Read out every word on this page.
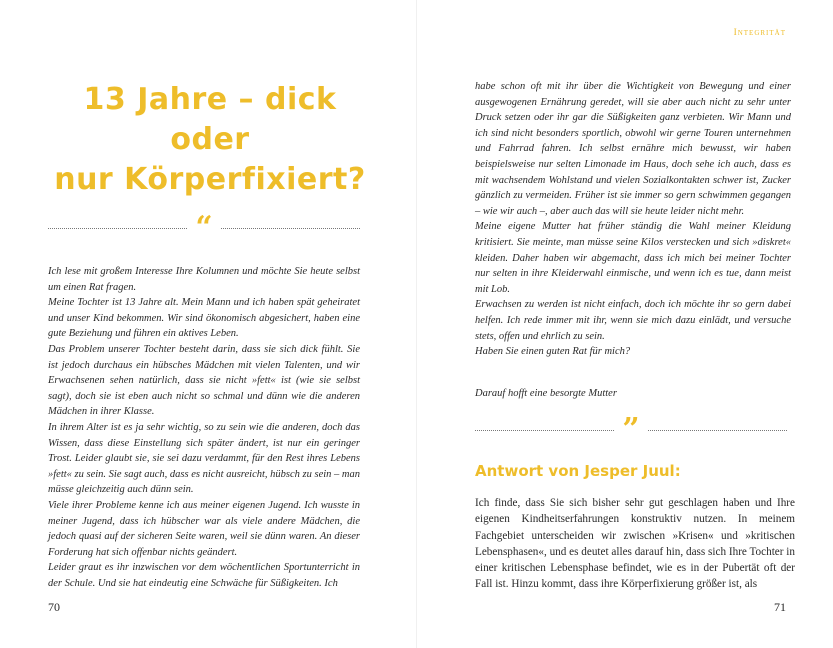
13 Jahre – dick oder
nur Körperfixiert?
“

Ich lese mit großem Interesse Ihre Kolumnen und möchte Sie heute selbst um einen Rat fragen.

Meine Tochter ist 13 Jahre alt. Mein Mann und ich haben spät geheiratet und unser Kind bekommen. Wir sind ökonomisch abgesichert, haben eine gute Beziehung und führen ein aktives Leben.

Das Problem unserer Tochter besteht darin, dass sie sich dick fühlt. Sie ist jedoch durchaus ein hübsches Mädchen mit vielen Talenten, und wir Erwachsenen sehen natürlich, dass sie nicht »fett« ist (wie sie selbst sagt), doch sie ist eben auch nicht so schmal und dünn wie die anderen Mädchen in ihrer Klasse.

In ihrem Alter ist es ja sehr wichtig, so zu sein wie die anderen, doch das Wissen, dass diese Einstellung sich später ändert, ist nur ein geringer Trost. Leider glaubt sie, sie sei dazu verdammt, für den Rest ihres Lebens »fett« zu sein. Sie sagt auch, dass es nicht ausreicht, hübsch zu sein – man müsse gleichzeitig auch dünn sein.

Viele ihrer Probleme kenne ich aus meiner eigenen Jugend. Ich wusste in meiner Jugend, dass ich hübscher war als viele andere Mädchen, die jedoch quasi auf der sicheren Seite waren, weil sie dünn waren. An dieser Forderung hat sich offenbar nichts geändert.

Leider graut es ihr inzwischen vor dem wöchentlichen Sportunterricht in der Schule. Und sie hat eindeutig eine Schwäche für Süßigkeiten. Ich

70
Integrität

habe schon oft mit ihr über die Wichtigkeit von Bewegung und einer ausgewogenen Ernährung geredet, will sie aber auch nicht zu sehr unter Druck setzen oder ihr gar die Süßigkeiten ganz verbieten. Wir Mann und ich sind nicht besonders sportlich, obwohl wir gerne Touren unternehmen und Fahrrad fahren. Ich selbst ernähre mich bewusst, wir haben beispielsweise nur selten Limonade im Haus, doch sehe ich auch, dass es mit wachsendem Wohlstand und vielen Sozialkontakten schwer ist, Zucker gänzlich zu vermeiden. Früher ist sie immer so gern schwimmen gegangen – wie wir auch –, aber auch das will sie heute leider nicht mehr.

Meine eigene Mutter hat früher ständig die Wahl meiner Kleidung kritisiert. Sie meinte, man müsse seine Kilos verstecken und sich »diskret« kleiden. Daher haben wir abgemacht, dass ich mich bei meiner Tochter nur selten in ihre Kleiderwahl einmische, und wenn ich es tue, dann meist mit Lob.

Erwachsen zu werden ist nicht einfach, doch ich möchte ihr so gern dabei helfen. Ich rede immer mit ihr, wenn sie mich dazu einlädt, und versuche stets, offen und ehrlich zu sein.

Haben Sie einen guten Rat für mich?

Darauf hofft eine besorgte Mutter
”
Antwort von Jesper Juul:

Ich finde, dass Sie sich bisher sehr gut geschlagen haben und Ihre eigenen Kindheitserfahrungen konstruktiv nutzen. In meinem Fachgebiet unterscheiden wir zwischen »Krisen« und »kritischen Lebensphasen«, und es deutet alles darauf hin, dass sich Ihre Tochter in einer kritischen Lebensphase befindet, wie es in der Pubertät oft der Fall ist. Hinzu kommt, dass ihre Körperfixierung größer ist, als

71
